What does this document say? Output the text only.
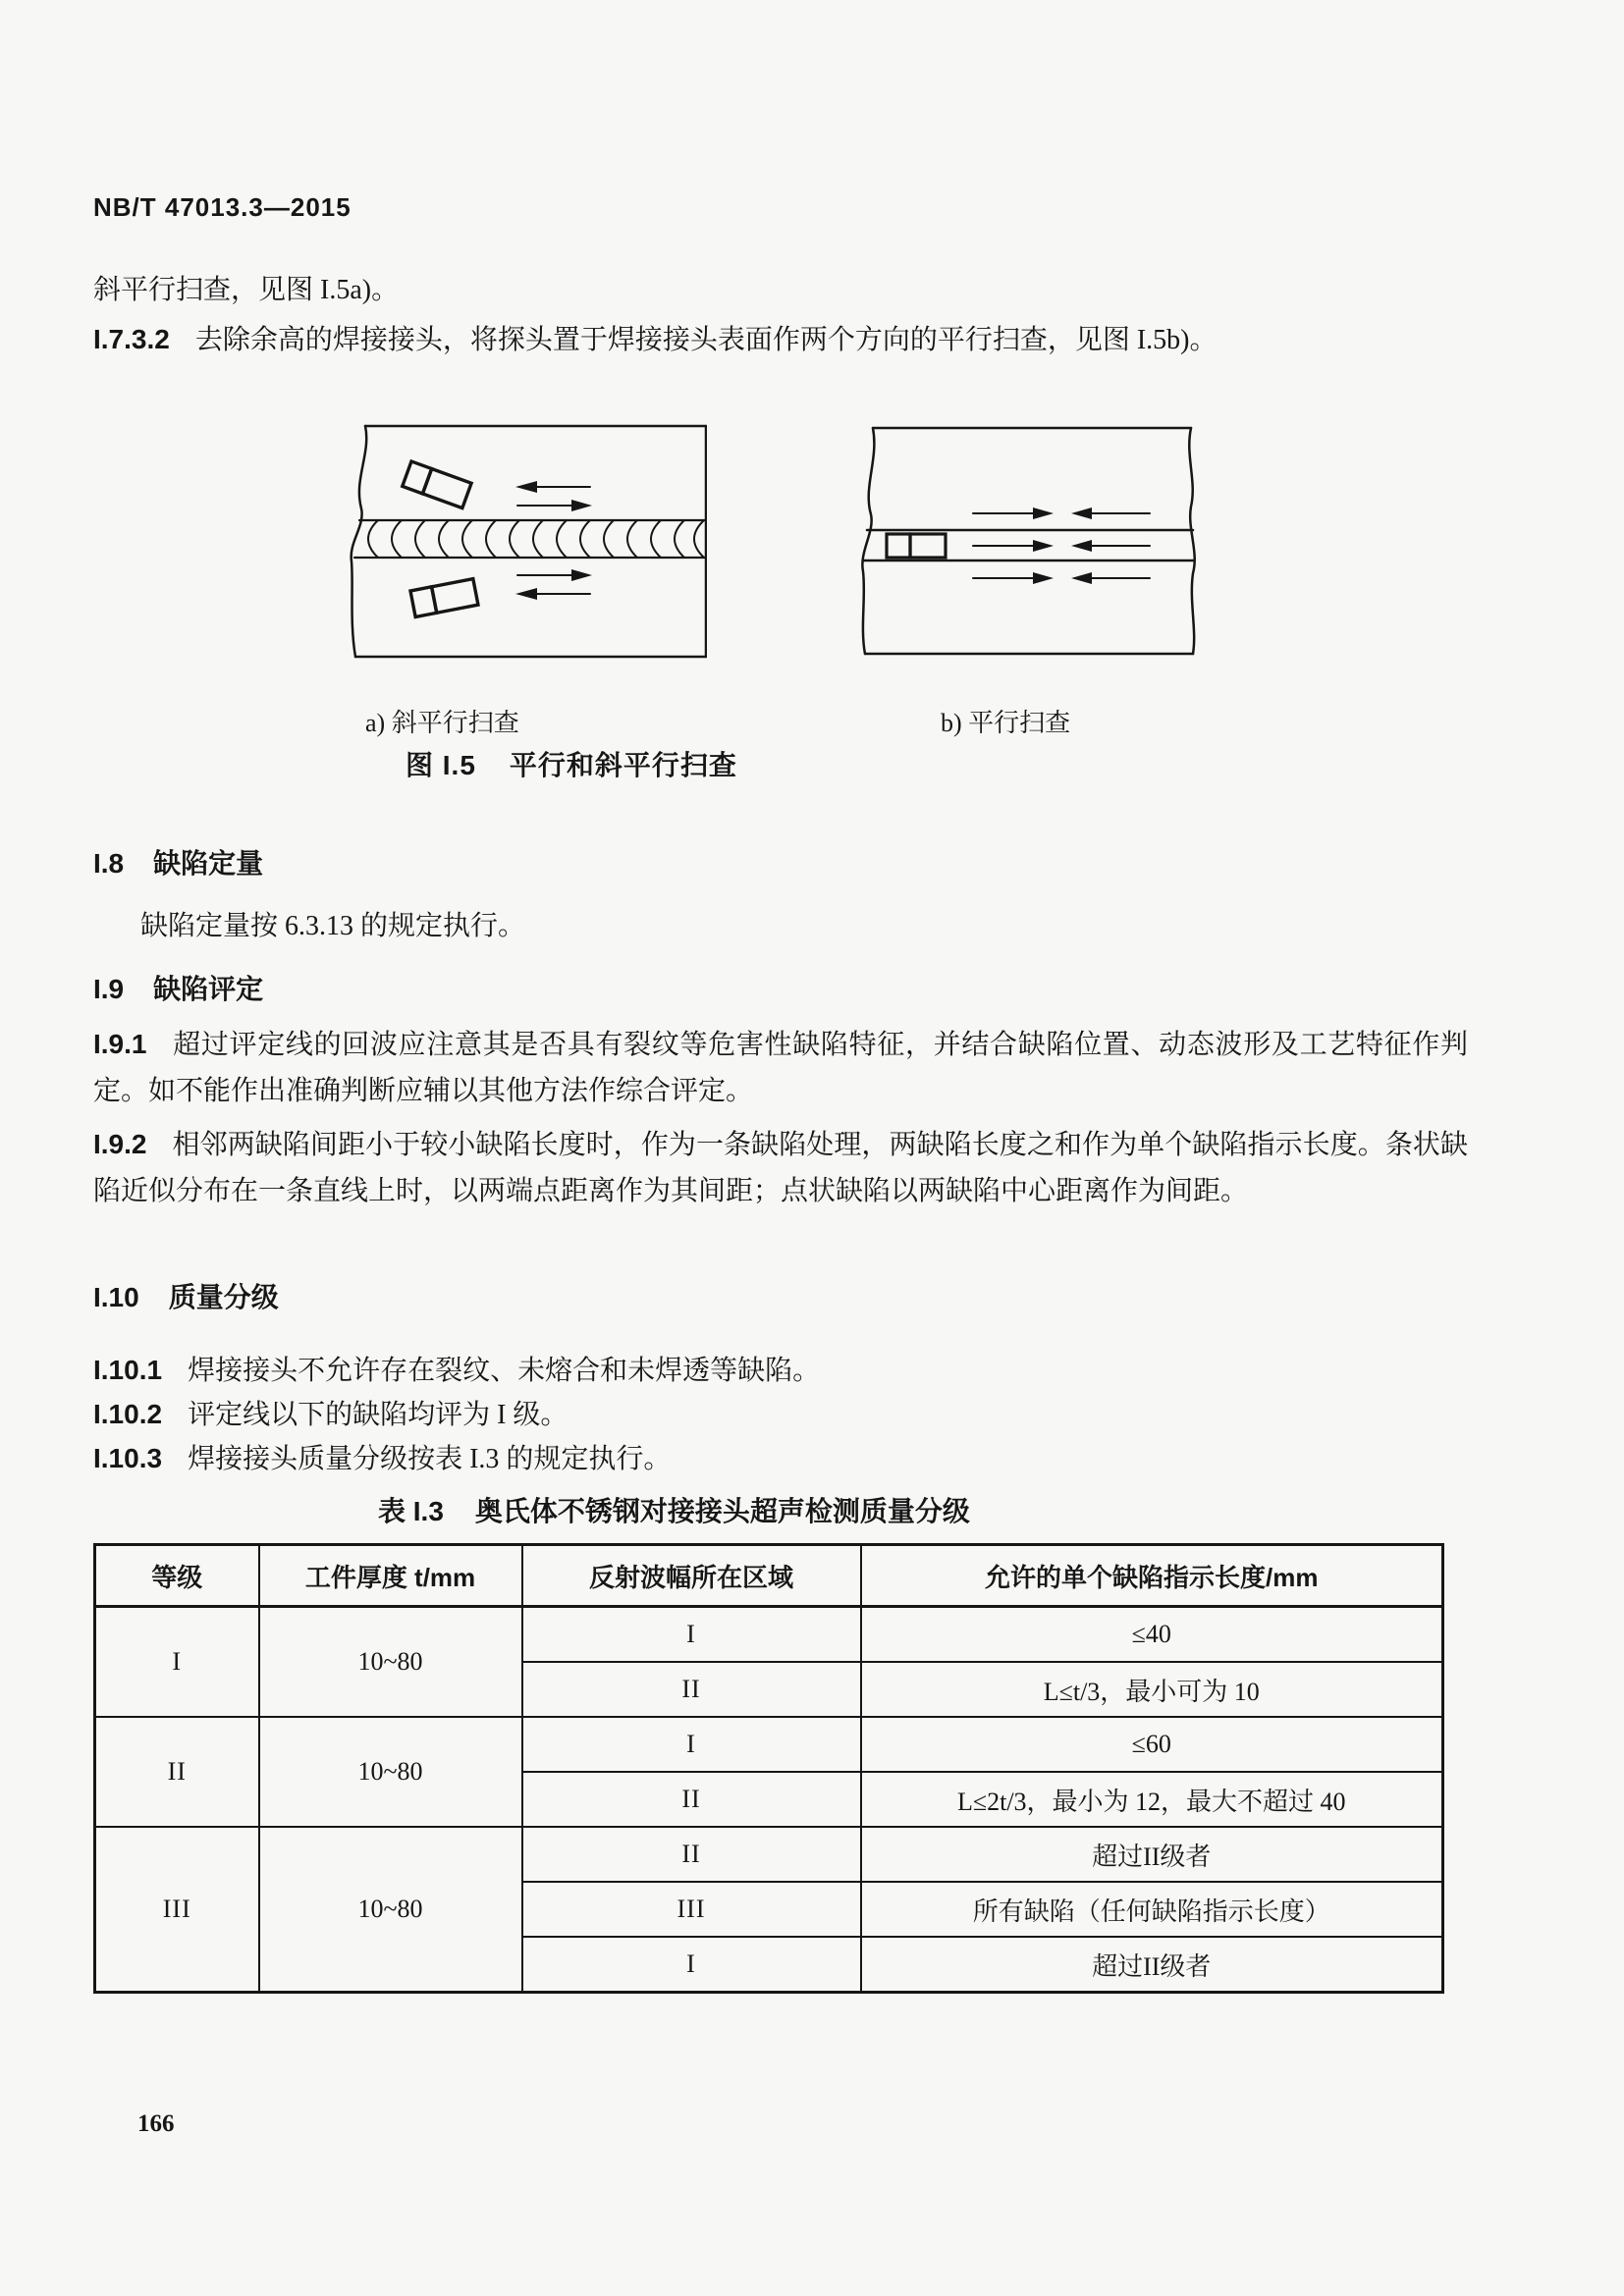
NB/T 47013.3—2015
斜平行扫查，见图 I.5a)。
I.7.3.2 去除余高的焊接接头，将探头置于焊接接头表面作两个方向的平行扫查，见图 I.5b)。
a) 斜平行扫查	b) 平行扫查
图 I.5 平行和斜平行扫查
I.8 缺陷定量
缺陷定量按 6.3.13 的规定执行。
I.9 缺陷评定
I.9.1 超过评定线的回波应注意其是否具有裂纹等危害性缺陷特征，并结合缺陷位置、动态波形及工艺特征作判定。如不能作出准确判断应辅以其他方法作综合评定。
I.9.2 相邻两缺陷间距小于较小缺陷长度时，作为一条缺陷处理，两缺陷长度之和作为单个缺陷指示长度。条状缺陷近似分布在一条直线上时，以两端点距离作为其间距；点状缺陷以两缺陷中心距离作为间距。
I.10 质量分级
I.10.1 焊接接头不允许存在裂纹、未熔合和未焊透等缺陷。
I.10.2 评定线以下的缺陷均评为 I 级。
I.10.3 焊接接头质量分级按表 I.3 的规定执行。
表 I.3 奥氏体不锈钢对接接头超声检测质量分级
等级	工件厚度 t/mm	反射波幅所在区域	允许的单个缺陷指示长度/mm
I	10~80	I	≤40
		II	L≤t/3，最小可为 10
II	10~80	I	≤60
		II	L≤2t/3，最小为 12，最大不超过 40
III	10~80	II	超过II级者
		III	所有缺陷（任何缺陷指示长度）
		I	超过II级者
166
